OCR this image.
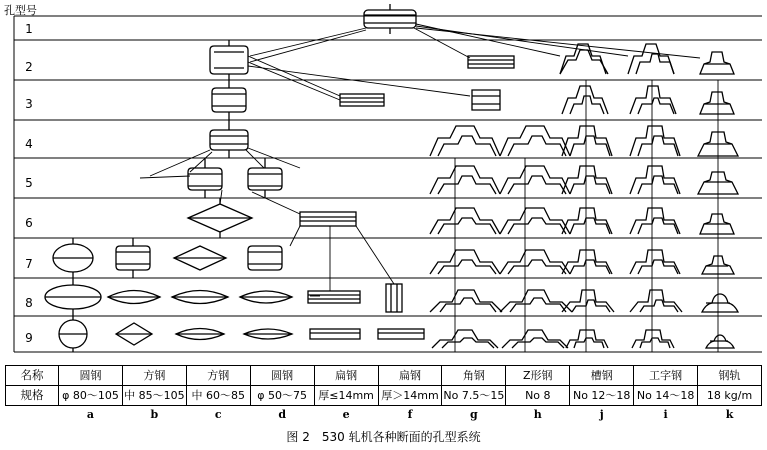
孔型号
1
2
3
4
5
6
7
8
9
名称	圆钢	方钢	方钢	圆钢	扁钢	扁钢	角钢	Z形钢	槽钢	工字钢	钢轨
规格	φ 80～105	中 85～105	中 60～85	φ 50～75	厚≤14mm	厚＞14mm	No 7.5～15	No 8	No 12～18	No 14～18	18 kg/m
	a	b	c	d	e	f	g	h	j	i	k
图 2　530 轧机各种断面的孔型系统
